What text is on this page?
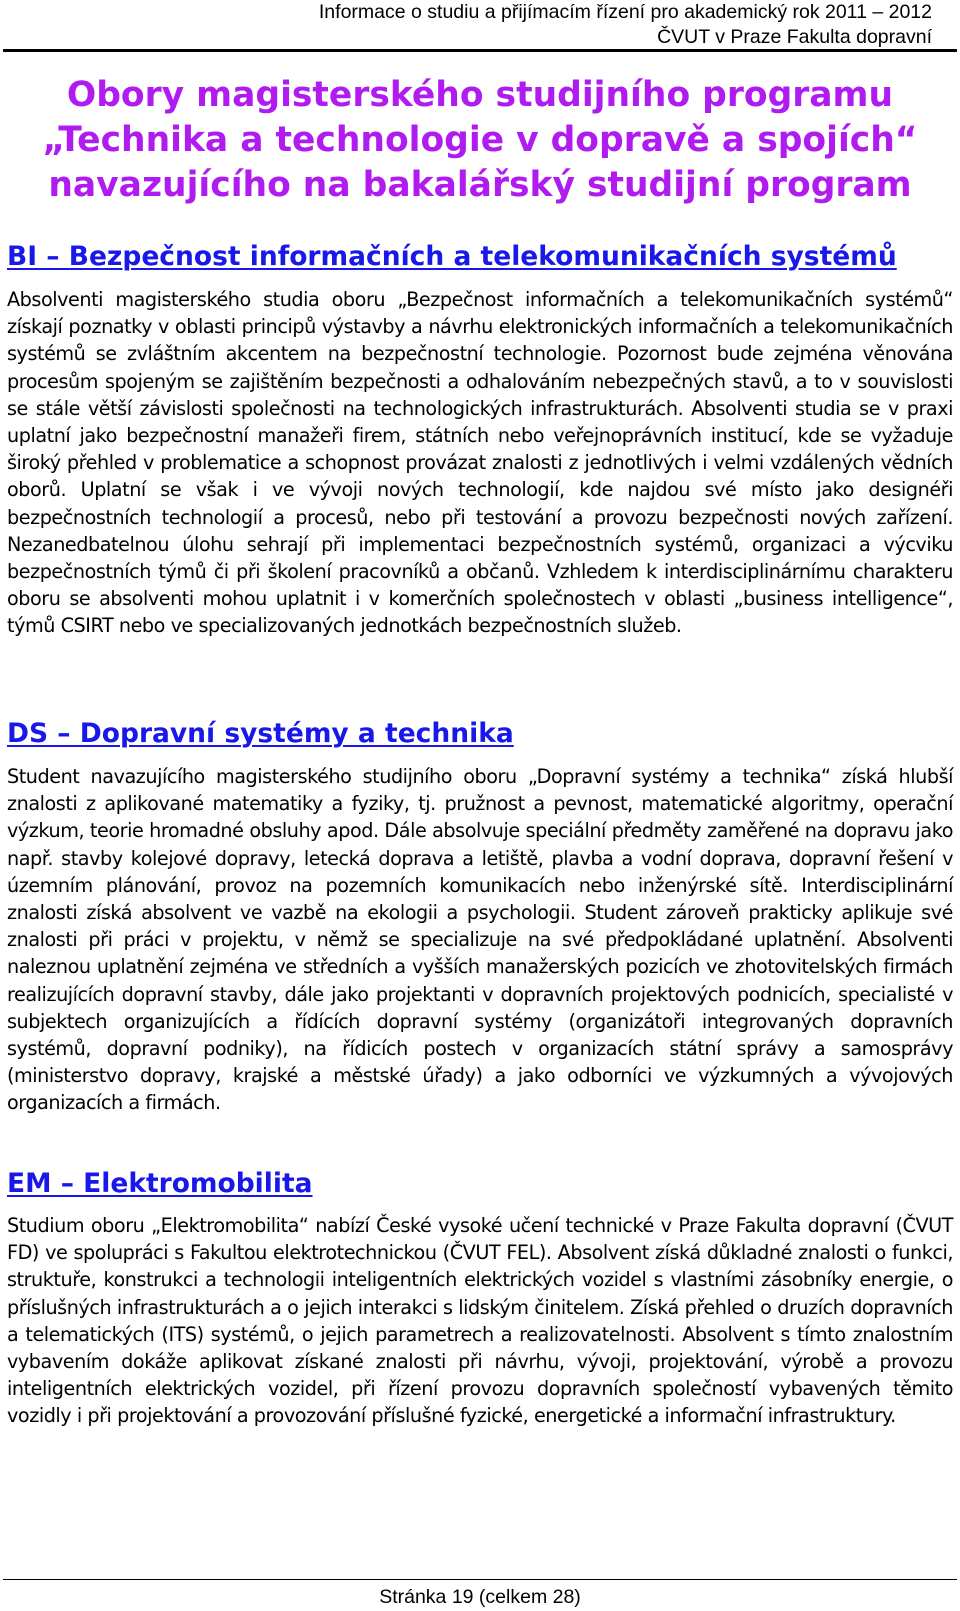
Informace o studiu a přijímacím řízení pro akademický rok 2011 – 2012
ČVUT v Praze Fakulta dopravní
Obory magisterského studijního programu
„Technika a technologie v dopravě a spojích“
navazujícího na bakalářský studijní program
BI – Bezpečnost informačních a telekomunikačních systémů

Absolventi magisterského studia oboru „Bezpečnost informačních a telekomunikačních systémů“ získají poznatky v oblasti principů výstavby a návrhu elektronických informačních a telekomunikačních systémů se zvláštním akcentem na bezpečnostní technologie. Pozornost bude zejména věnována procesům spojeným se zajištěním bezpečnosti a odhalováním nebezpečných stavů, a to v souvislosti se stále větší závislosti společnosti na technologických infrastrukturách. Absolventi studia se v praxi uplatní jako bezpečnostní manažeři firem, státních nebo veřejnoprávních institucí, kde se vyžaduje široký přehled v problematice a schopnost provázat znalosti z jednotlivých i velmi vzdálených vědních oborů. Uplatní se však i ve vývoji nových technologií, kde najdou své místo jako designéři bezpečnostních technologií a procesů, nebo při testování a provozu bezpečnosti nových zařízení. Nezanedbatelnou úlohu sehrají při implementaci bezpečnostních systémů, organizaci a výcviku bezpečnostních týmů či při školení pracovníků a občanů. Vzhledem k interdisciplinárnímu charakteru oboru se absolventi mohou uplatnit i v komerčních společnostech v oblasti „business intelligence“, týmů CSIRT nebo ve specializovaných jednotkách bezpečnostních služeb.

DS – Dopravní systémy a technika

Student navazujícího magisterského studijního oboru „Dopravní systémy a technika“ získá hlubší znalosti z aplikované matematiky a fyziky, tj. pružnost a pevnost, matematické algoritmy, operační výzkum, teorie hromadné obsluhy apod. Dále absolvuje speciální předměty zaměřené na dopravu jako např. stavby kolejové dopravy, letecká doprava a letiště, plavba a vodní doprava, dopravní řešení v územním plánování, provoz na pozemních komunikacích nebo inženýrské sítě. Interdisciplinární znalosti získá absolvent ve vazbě na ekologii a psychologii. Student zároveň prakticky aplikuje své znalosti při práci v projektu, v němž se specializuje na své předpokládané uplatnění. Absolventi naleznou uplatnění zejména ve středních a vyšších manažerských pozicích ve zhotovitelských firmách realizujících dopravní stavby, dále jako projektanti v dopravních projektových podnicích, specialisté v subjektech organizujících a řídících dopravní systémy (organizátoři integrovaných dopravních systémů, dopravní podniky), na řídicích postech v organizacích státní správy a samosprávy (ministerstvo dopravy, krajské a městské úřady) a jako odborníci ve výzkumných a vývojových organizacích a firmách.

EM – Elektromobilita

Studium oboru „Elektromobilita“ nabízí České vysoké učení technické v Praze Fakulta dopravní (ČVUT FD) ve spolupráci s Fakultou elektrotechnickou (ČVUT FEL). Absolvent získá důkladné znalosti o funkci, struktuře, konstrukci a technologii inteligentních elektrických vozidel s vlastními zásobníky energie, o příslušných infrastrukturách a o jejich interakci s lidským činitelem. Získá přehled o druzích dopravních a telematických (ITS) systémů, o jejich parametrech a realizovatelnosti. Absolvent s tímto znalostním vybavením dokáže aplikovat získané znalosti při návrhu, vývoji, projektování, výrobě a provozu inteligentních elektrických vozidel, při řízení provozu dopravních společností vybavených těmito vozidly i při projektování a provozování příslušné fyzické, energetické a informační infrastruktury.

Stránka 19 (celkem 28)
